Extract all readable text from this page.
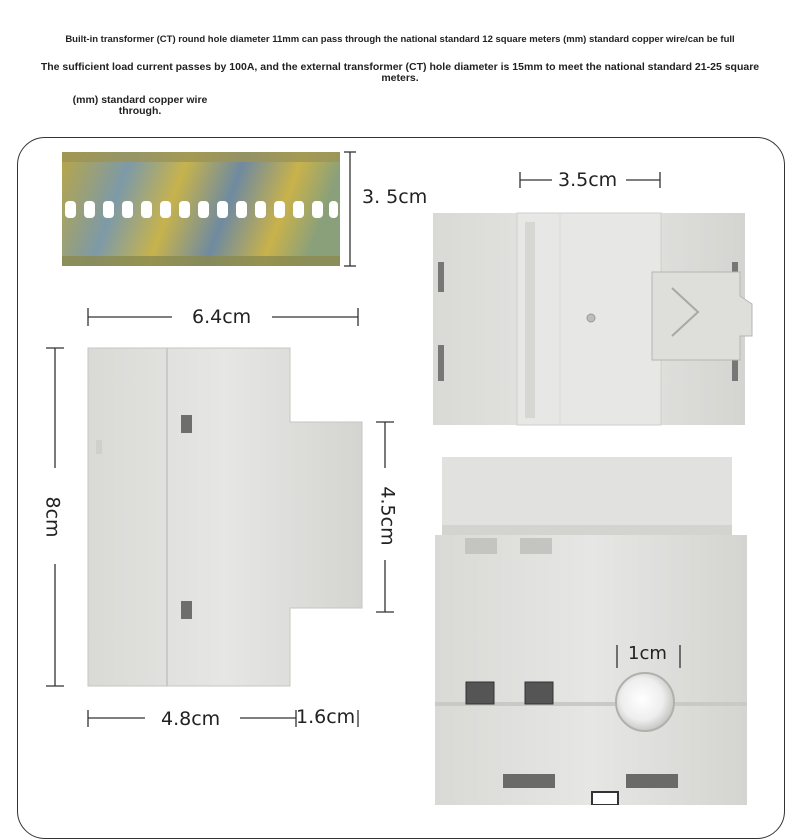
Built-in transformer (CT) round hole diameter 11mm can pass through the national standard 12 square meters (mm) standard copper wire/can be full
The sufficient load current passes by 100A, and the external transformer (CT) hole diameter is 15mm to meet the national standard 21-25 square meters.
(mm) standard copper wire through.
3. 5cm
3.5cm
6.4cm
8cm	4.5cm
4.8cm	1.6cm
1cm
